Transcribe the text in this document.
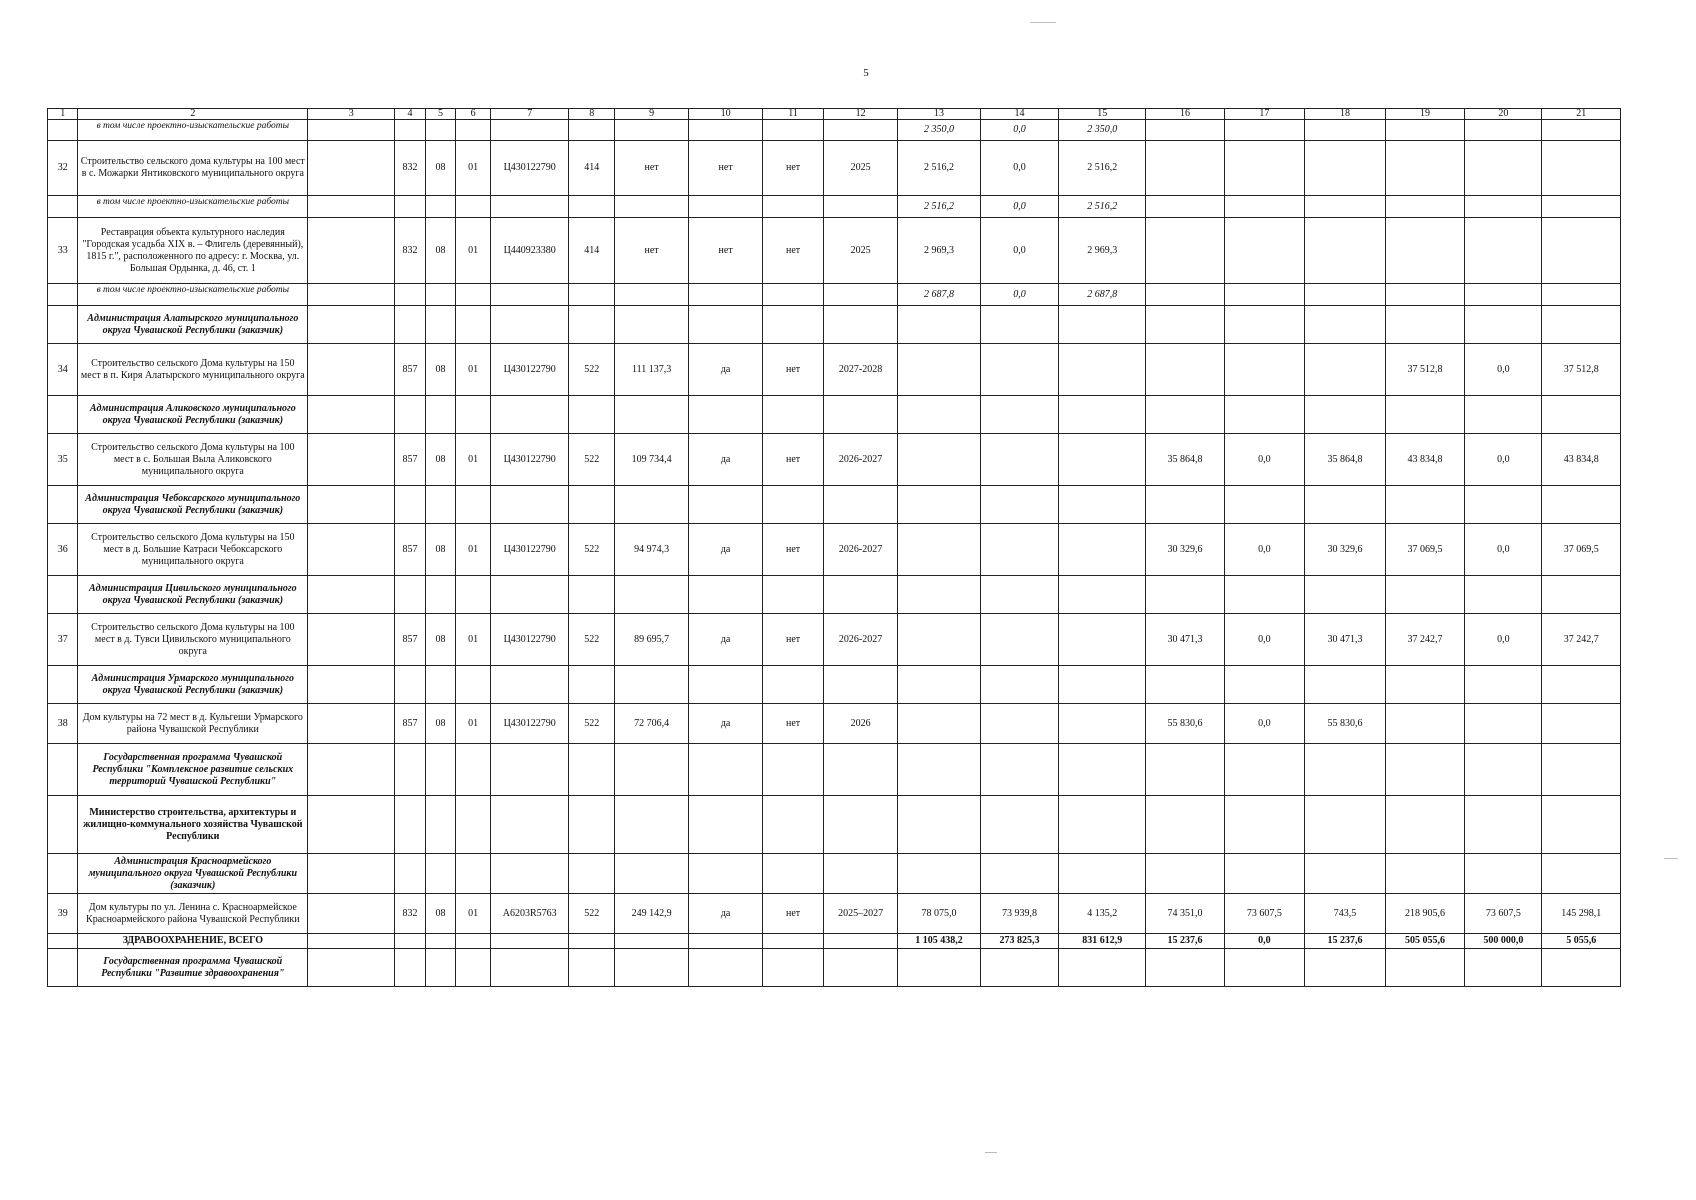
5
1	2	3	4	5	6	7	8	9	10	11	12	13	14	15	16	17	18	19	20	21
	в том числе проектно-изыскательские работы											2 350,0	0,0	2 350,0						
32	Строительство сельского дома культуры на 100 мест в с. Можарки Янтиковского муниципального округа		832	08	01	Ц430122790	414	нет	нет	нет	2025	2 516,2	0,0	2 516,2						
	в том числе проектно-изыскательские работы											2 516,2	0,0	2 516,2						
33	Реставрация объекта культурного наследия "Городская усадьба XIX в. – Флигель (деревянный), 1815 г.", расположенного по адресу: г. Москва, ул. Большая Ордынка, д. 46, ст. 1		832	08	01	Ц440923380	414	нет	нет	нет	2025	2 969,3	0,0	2 969,3						
	в том числе проектно-изыскательские работы											2 687,8	0,0	2 687,8						
	Администрация Алатырского муниципального округа Чувашской Республики (заказчик)																			
34	Строительство сельского Дома культуры на 150 мест в п. Киря Алатырского муниципального округа		857	08	01	Ц430122790	522	111 137,3	да	нет	2027-2028							37 512,8	0,0	37 512,8
	Администрация Аликовского муниципального округа Чувашской Республики (заказчик)																			
35	Строительство сельского Дома культуры на 100 мест в с. Большая Выла Аликовского муниципального округа		857	08	01	Ц430122790	522	109 734,4	да	нет	2026-2027				35 864,8	0,0	35 864,8	43 834,8	0,0	43 834,8
	Администрация Чебоксарского муниципального округа Чувашской Республики (заказчик)																			
36	Строительство сельского Дома культуры на 150 мест в д. Большие Катраси Чебоксарского муниципального округа		857	08	01	Ц430122790	522	94 974,3	да	нет	2026-2027				30 329,6	0,0	30 329,6	37 069,5	0,0	37 069,5
	Администрация Цивильского муниципального округа Чувашской Республики (заказчик)																			
37	Строительство сельского Дома культуры на 100 мест в д. Тувси Цивильского муниципального округа		857	08	01	Ц430122790	522	89 695,7	да	нет	2026-2027				30 471,3	0,0	30 471,3	37 242,7	0,0	37 242,7
	Администрация Урмарского муниципального округа Чувашской Республики (заказчик)																			
38	Дом культуры на 72 мест в д. Кульгеши Урмарского района Чувашской Республики		857	08	01	Ц430122790	522	72 706,4	да	нет	2026				55 830,6	0,0	55 830,6			
	Государственная программа Чувашской Республики "Комплексное развитие сельских территорий Чувашской Республики"																			
	Министерство строительства, архитектуры и жилищно-коммунального хозяйства Чувашской Республики																			
	Администрация Красноармейского муниципального округа Чувашской Республики (заказчик)																			
39	Дом культуры по ул. Ленина с. Красноармейское Красноармейского района Чувашской Республики		832	08	01	А6203R5763	522	249 142,9	да	нет	2025–2027	78 075,0	73 939,8	4 135,2	74 351,0	73 607,5	743,5	218 905,6	73 607,5	145 298,1
	ЗДРАВООХРАНЕНИЕ, ВСЕГО											1 105 438,2	273 825,3	831 612,9	15 237,6	0,0	15 237,6	505 055,6	500 000,0	5 055,6
	Государственная программа Чувашской Республики "Развитие здравоохранения"																			
